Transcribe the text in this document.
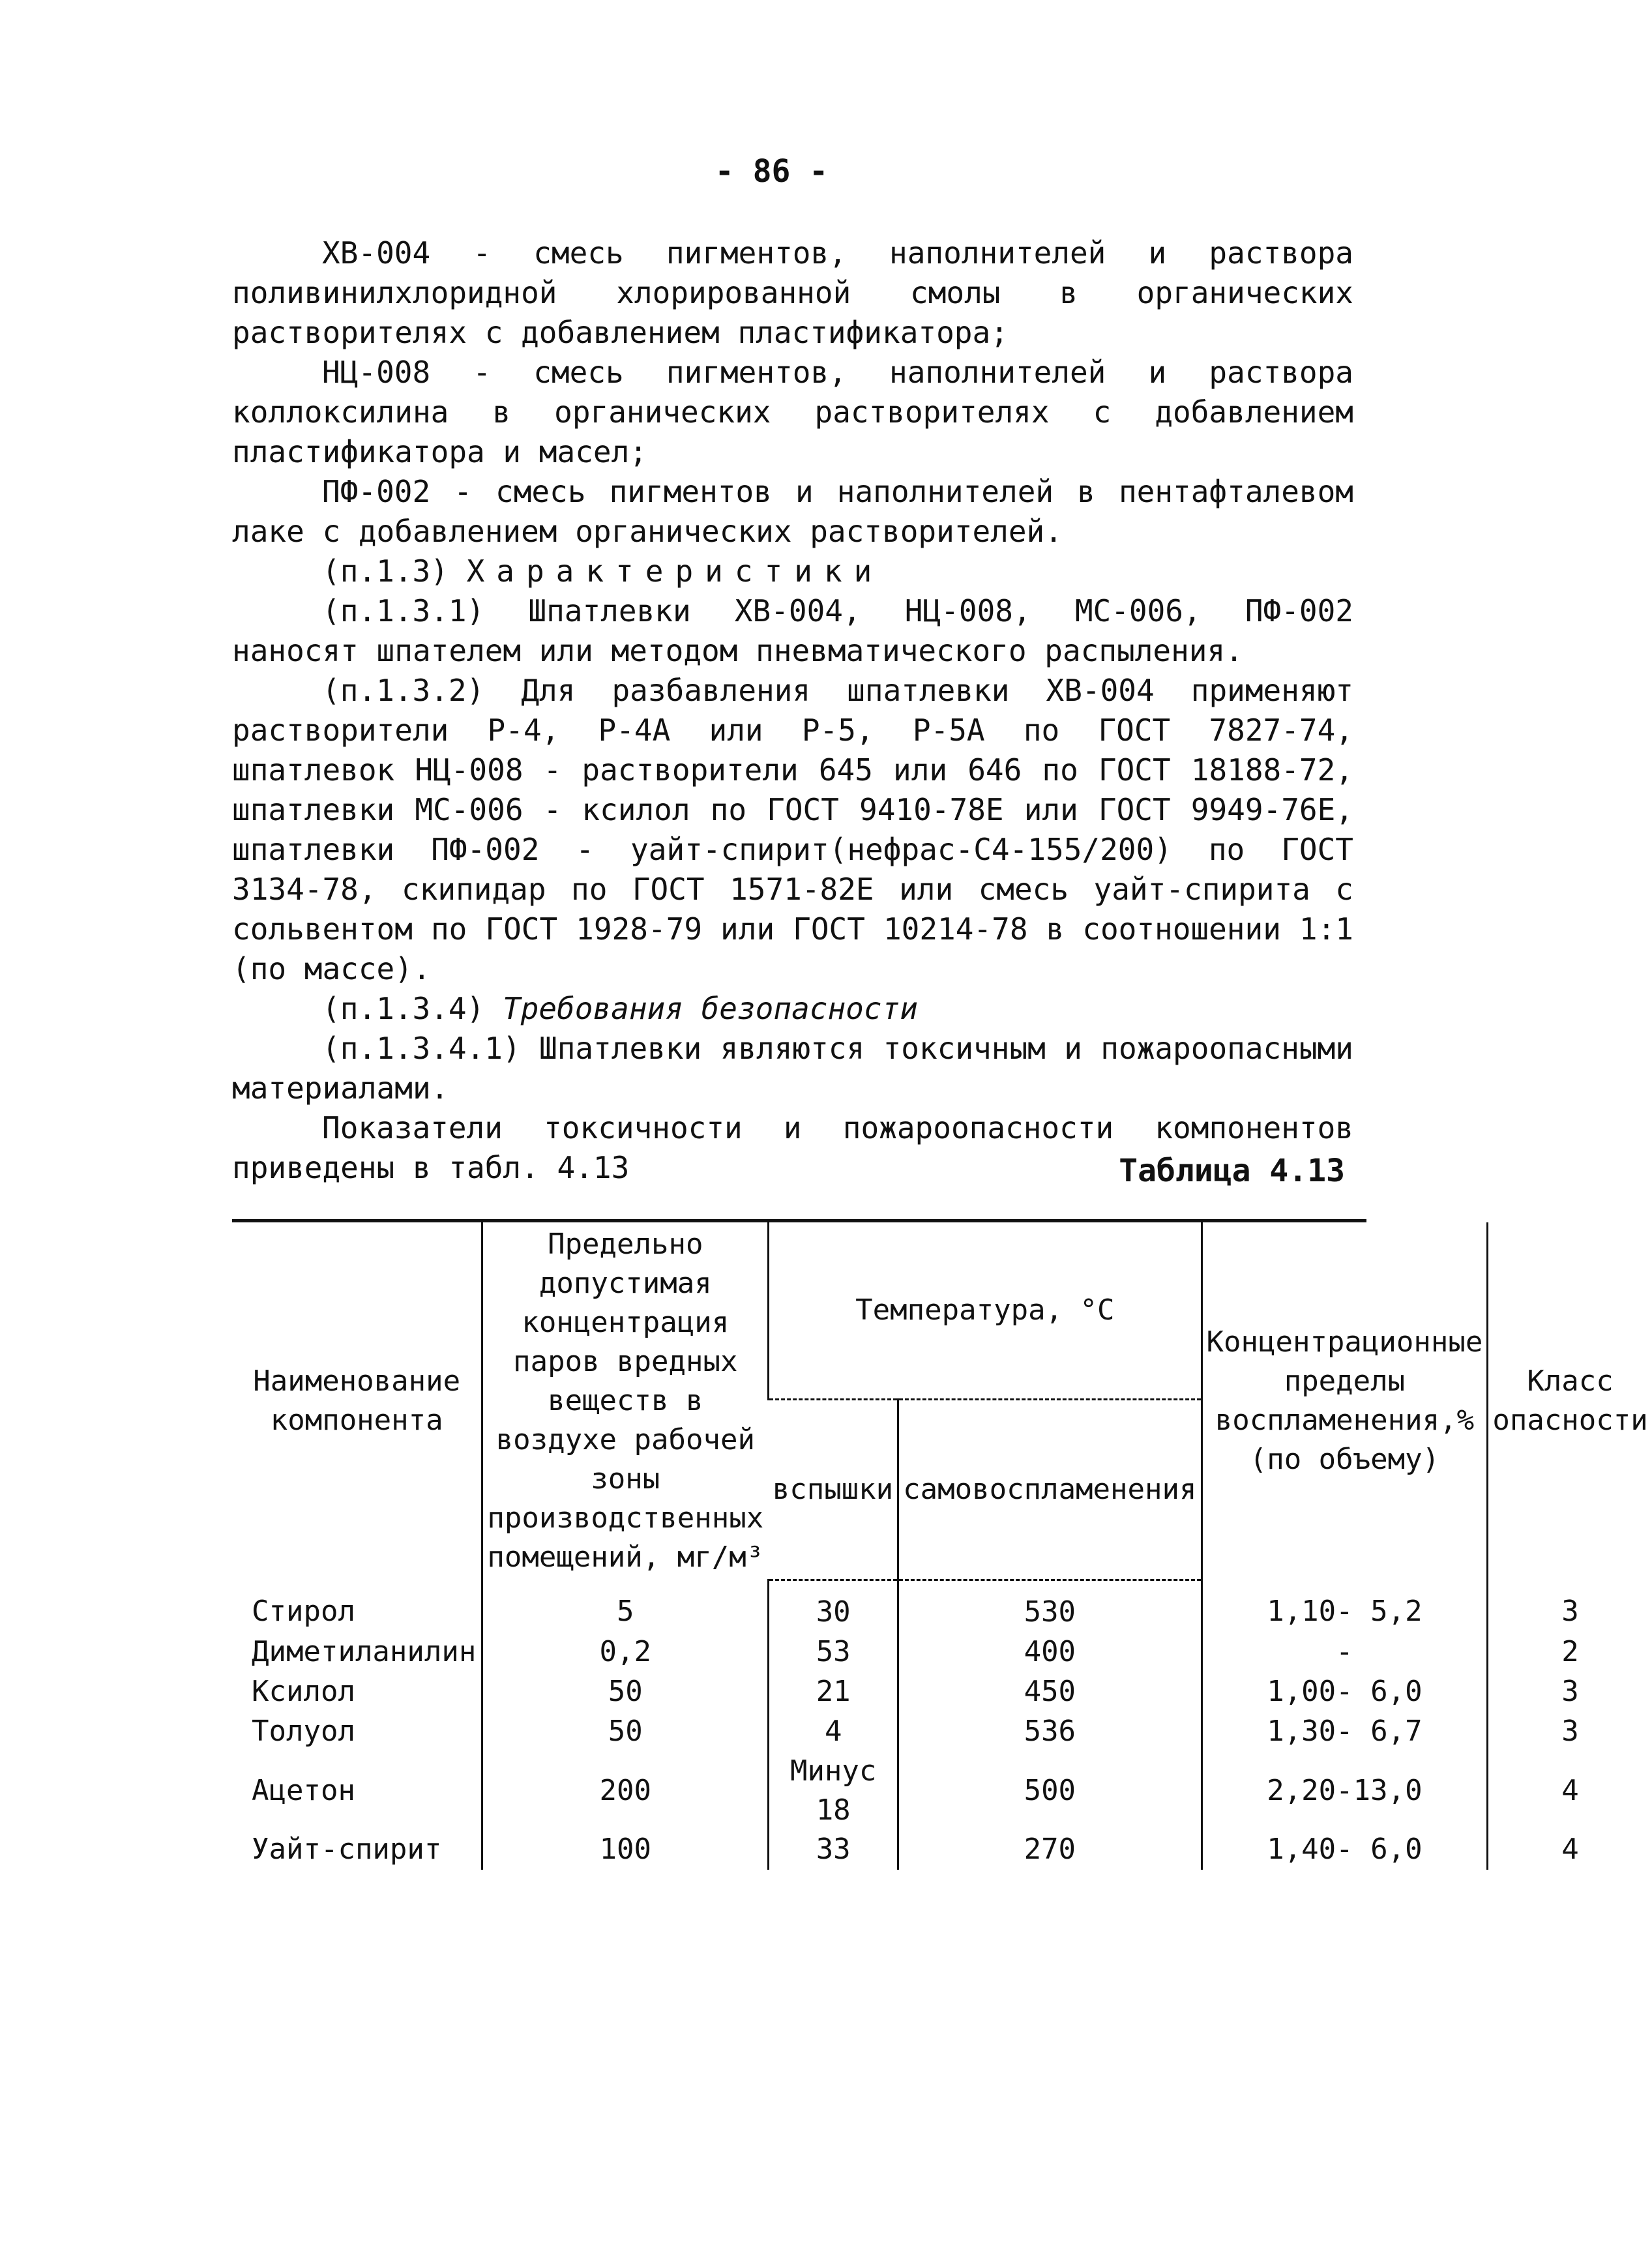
- 86 -

ХВ-004 - смесь пигментов, наполнителей и раствора поливинилхлоридной хлорированной смолы в органических растворителях с добавлением пластификатора;

НЦ-008 - смесь пигментов, наполнителей и раствора коллоксилина в органических растворителях с добавлением пластификатора и масел;

ПФ-002 - смесь пигментов и наполнителей в пентафталевом лаке с добавлением органических растворителей.

(п.1.3) Характеристики

(п.1.3.1) Шпатлевки ХВ-004, НЦ-008, МС-006, ПФ-002 наносят шпателем или методом пневматического распыления.

(п.1.3.2) Для разбавления шпатлевки ХВ-004 применяют растворители Р-4, Р-4А или Р-5, Р-5А по ГОСТ 7827-74, шпатлевок НЦ-008 - растворители 645 или 646 по ГОСТ 18188-72, шпатлевки МС-006 - ксилол по ГОСТ 9410-78Е или ГОСТ 9949-76Е, шпатлевки ПФ-002 - уайт-спирит(нефрас-С4-155/200) по ГОСТ 3134-78, скипидар по ГОСТ 1571-82Е или смесь уайт-спирита с сольвентом по ГОСТ 1928-79 или ГОСТ 10214-78 в соотношении 1:1 (по массе).

(п.1.3.4) Требования безопасности

(п.1.3.4.1) Шпатлевки являются токсичным и пожароопасными материалами.

Показатели токсичности и пожароопасности компонентов приведены в табл. 4.13	Таблица 4.13
Наименование компонента	Предельно допустимая концентрация паров вредных веществ в воздухе рабочей зоны производственных помещений, мг/м³	Температура, °С		Концентрационные пределы воспламенения,% (по объему)	Класс опасности
		вспышки	самовоспламенения		
Стирол	5	30	530	1,10- 5,2	3
Диметиланилин	0,2	53	400	-	2
Ксилол	50	21	450	1,00- 6,0	3
Толуол	50	4	536	1,30- 6,7	3
Ацетон	200	Минус 18	500	2,20-13,0	4
Уайт-спирит	100	33	270	1,40- 6,0	4
